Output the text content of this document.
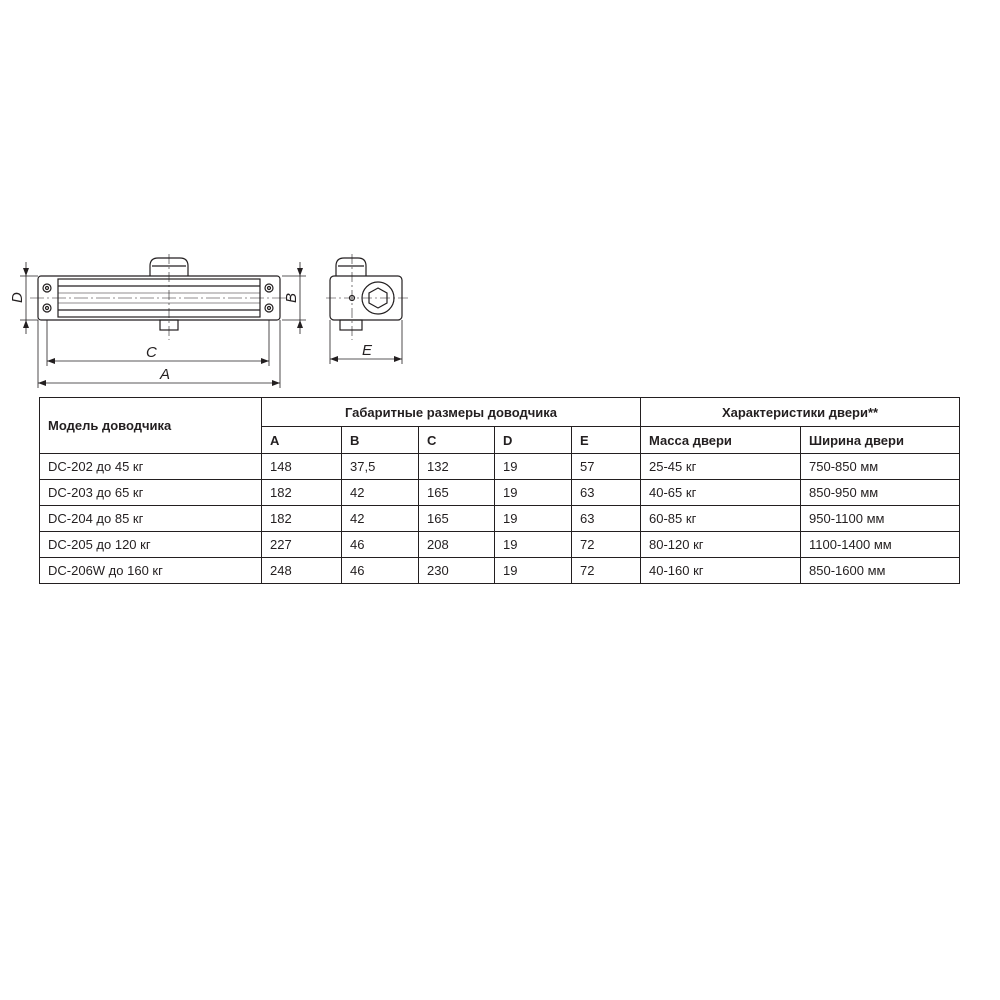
D	B
C
A
E
Модель доводчика	Габаритные размеры доводчика					Характеристики двери**	
	A	B	C	D	E	Масса двери	Ширина двери
DC-202 до 45 кг	148	37,5	132	19	57	25-45 кг	750-850 мм
DC-203 до 65 кг	182	42	165	19	63	40-65 кг	850-950 мм
DC-204 до 85 кг	182	42	165	19	63	60-85 кг	950-1100 мм
DC-205 до 120 кг	227	46	208	19	72	80-120 кг	1100-1400 мм
DC-206W до 160 кг	248	46	230	19	72	40-160 кг	850-1600 мм
